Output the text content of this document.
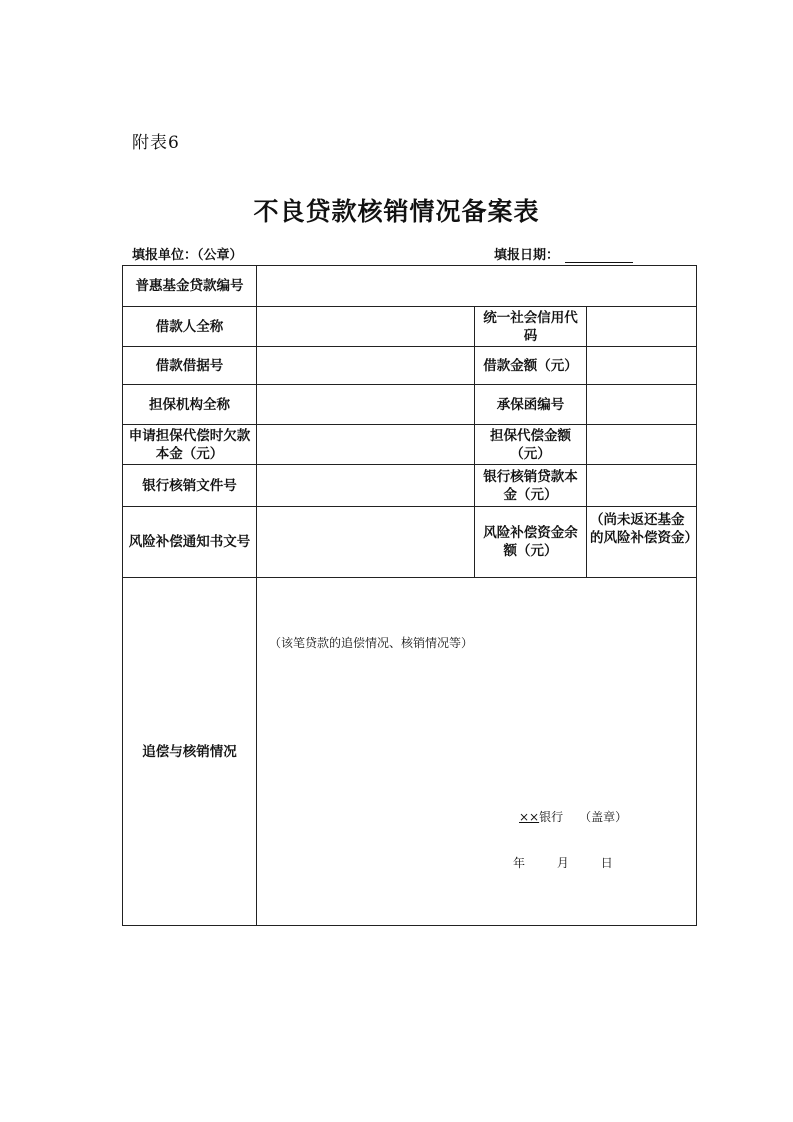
附表6
不良贷款核销情况备案表
填报单位：（公章）	填报日期：
普惠基金贷款编号			
借款人全称		统一社会信用代码	
借款借据号		借款金额（元）	
担保机构全称		承保函编号	
申请担保代偿时欠款本金（元）		担保代偿金额（元）	
银行核销文件号		银行核销贷款本金（元）	
风险补偿通知书文号		风险补偿资金余额（元）	（尚未返还基金的风险补偿资金）
追偿与核销情况	（该笔贷款的追偿情况、核销情况等）
××银行 （盖章）
年 月 日		
